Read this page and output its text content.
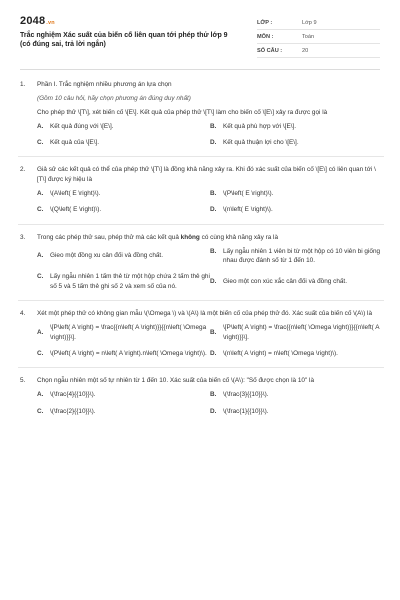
2048.vn
Trắc nghiệm Xác suất của biến cố liên quan tới phép thử lớp 9 (có đúng sai, trả lời ngắn)
LỚP :	Lớp 9
MÔN :	Toán
SỐ CÂU :	20
1.	Phần I. Trắc nghiệm nhiều phương án lựa chọn
(Gồm 10 câu hỏi, hãy chọn phương án đúng duy nhất)
Cho phép thử \[T\], xét biến cố \[E\]. Kết quả của phép thử \[T\] làm cho biến cố \[E\] xảy ra được gọi là
A.	Kết quả đúng với \[E\].	B.	Kết quả phù hợp với \[E\].
C.	Kết quả của \[E\].	D.	Kết quả thuận lợi cho \[E\].
2.	Giả sử các kết quả có thể của phép thử \[T\] là đồng khả năng xảy ra. Khi đó xác suất của biến cố \[E\] có liên quan tới \[T\] được ký hiệu là
A.	\(A\left( E \right)\).	B.	\(P\left( E \right)\).
C.	\(Q\left( E \right)\).	D.	\(n\left( E \right)\).
3.	Trong các phép thử sau, phép thử mà các kết quả không có cùng khả năng xảy ra là
A.	Gieo một đồng xu cân đối và đồng chất.
B.	Lấy ngẫu nhiên 1 viên bi từ một hộp có 10 viên bi giống nhau được đánh số từ 1 đến 10.
C.	Lấy ngẫu nhiên 1 tấm thẻ từ một hộp chứa 2 tấm thẻ ghi số 5 và 5 tấm thẻ ghi số 2 và xem số của nó.
D.	Gieo một con xúc xắc cân đối và đồng chất.
4.	Xét một phép thử có không gian mẫu \(\Omega \) và \(A\) là một biến cố của phép thử đó. Xác suất của biến cố \(A\) là
A.
\[P\left( A \right) = \frac{{n\left( A \right)}}{{n\left( \Omega \right)}}\].
B.
\[P\left( A \right) = \frac{{n\left( \Omega \right)}}{{n\left( A \right)}}\].
C.	\(P\left( A \right) = n\left( A \right).n\left( \Omega \right)\). D.	\(n\left( A \right) = n\left( \Omega \right)\).
5.	Chọn ngẫu nhiên một số tự nhiên từ 1 đến 10. Xác suất của biến cố \(A\): "Số được chọn là 10" là
A.	\(\frac{4}{{10}}\).	B.	\(\frac{3}{{10}}\).
C.	\(\frac{2}{{10}}\).	D.	\(\frac{1}{{10}}\).
